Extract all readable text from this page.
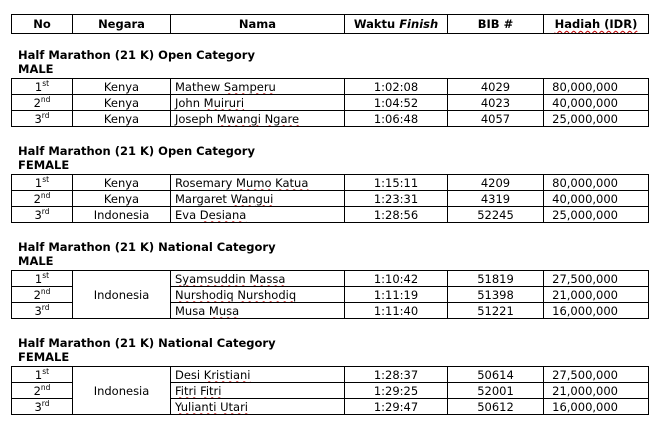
No	Negara	Nama	Waktu Finish	BIB #	Hadiah (IDR)
Half Marathon (21 K) Open Category
MALE
1st	Kenya	Mathew Samperu	1:02:08	4029	80,000,000
2nd	Kenya	John Muiruri	1:04:52	4023	40,000,000
3rd	Kenya	Joseph Mwangi Ngare	1:06:48	4057	25,000,000
Half Marathon (21 K) Open Category
FEMALE
1st	Kenya	Rosemary Mumo Katua	1:15:11	4209	80,000,000
2nd	Kenya	Margaret Wangui	1:23:31	4319	40,000,000
3rd	Indonesia	Eva Desiana	1:28:56	52245	25,000,000
Half Marathon (21 K) National Category
MALE
1st	Indonesia	Syamsuddin Massa	1:10:42	51819	27,500,000
2nd		Nurshodiq Nurshodiq	1:11:19	51398	21,000,000
3rd		Musa Musa	1:11:40	51221	16,000,000
Half Marathon (21 K) National Category
FEMALE
1st	Indonesia	Desi Kristiani	1:28:37	50614	27,500,000
2nd		Fitri Fitri	1:29:25	52001	21,000,000
3rd		Yulianti Utari	1:29:47	50612	16,000,000
